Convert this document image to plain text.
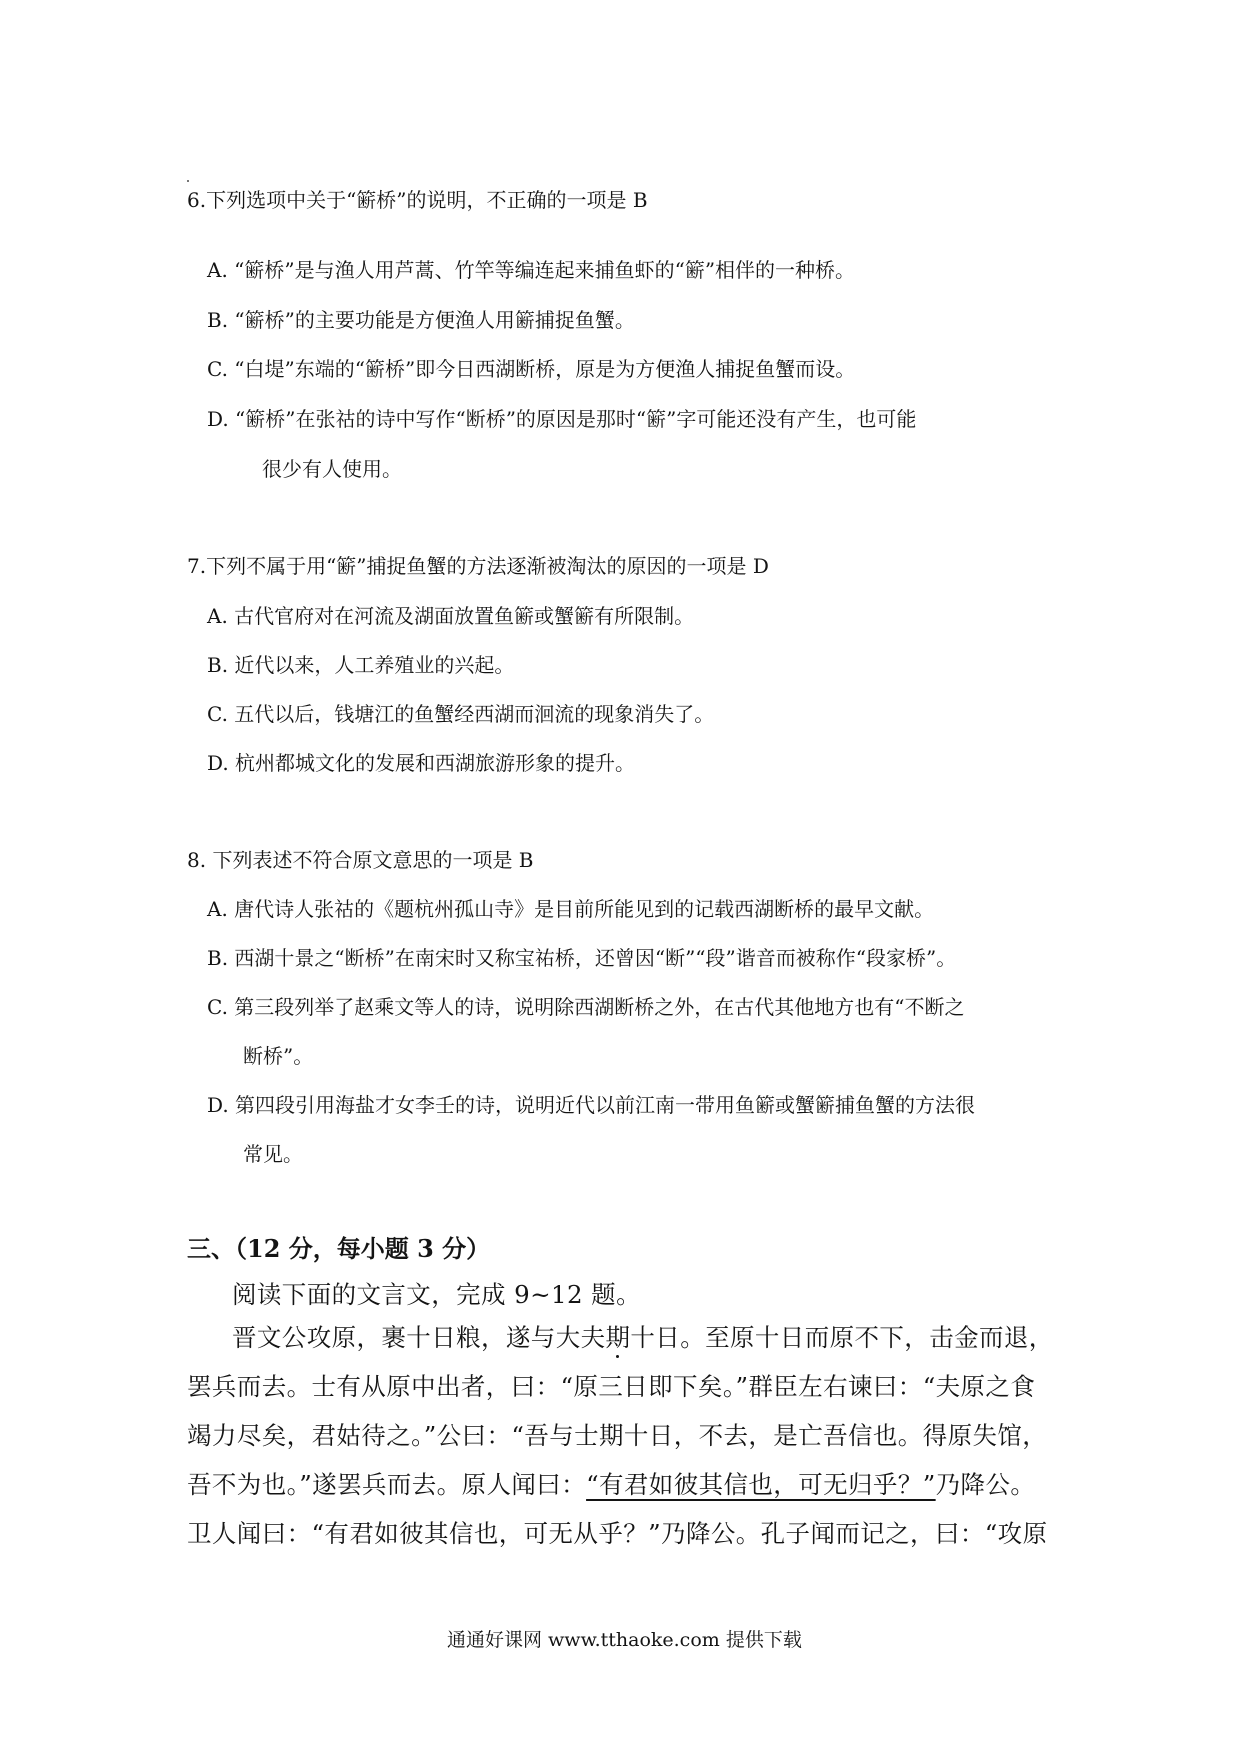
6.下列选项中关于“簖桥”的说明，不正确的一项是 B
A. “簖桥”是与渔人用芦蒿、竹竿等编连起来捕鱼虾的“簖”相伴的一种桥。
B. “簖桥”的主要功能是方便渔人用簖捕捉鱼蟹。
C. “白堤”东端的“簖桥”即今日西湖断桥，原是为方便渔人捕捉鱼蟹而设。
D. “簖桥”在张祜的诗中写作“断桥”的原因是那时“簖”字可能还没有产生，也可能
很少有人使用。
7.下列不属于用“簖”捕捉鱼蟹的方法逐渐被淘汰的原因的一项是 D
A. 古代官府对在河流及湖面放置鱼簖或蟹簖有所限制。
B. 近代以来，人工养殖业的兴起。
C. 五代以后，钱塘江的鱼蟹经西湖而洄流的现象消失了。
D. 杭州都城文化的发展和西湖旅游形象的提升。
8. 下列表述不符合原文意思的一项是 B
A. 唐代诗人张祜的《题杭州孤山寺》是目前所能见到的记载西湖断桥的最早文献。
B. 西湖十景之“断桥”在南宋时又称宝祐桥，还曾因“断”“段”谐音而被称作“段家桥”。
C. 第三段列举了赵乘文等人的诗，说明除西湖断桥之外，在古代其他地方也有“不断之
断桥”。
D. 第四段引用海盐才女李壬的诗，说明近代以前江南一带用鱼簖或蟹簖捕鱼蟹的方法很
常见。
三、（12 分，每小题 3 分）
阅读下面的文言文，完成 9~12 题。
晋文公攻原，裹十日粮，遂与大夫期十日。至原十日而原不下，击金而退，
罢兵而去。士有从原中出者，曰：“原三日即下矣。”群臣左右谏曰：“夫原之食
竭力尽矣，君姑待之。”公曰：“吾与士期十日，不去，是亡吾信也。得原失馆，
吾不为也。”遂罢兵而去。原人闻曰：“有君如彼其信也，可无归乎？”乃降公。
卫人闻曰：“有君如彼其信也，可无从乎？”乃降公。孔子闻而记之，曰：“攻原
通通好课网 www.tthaoke.com 提供下载
